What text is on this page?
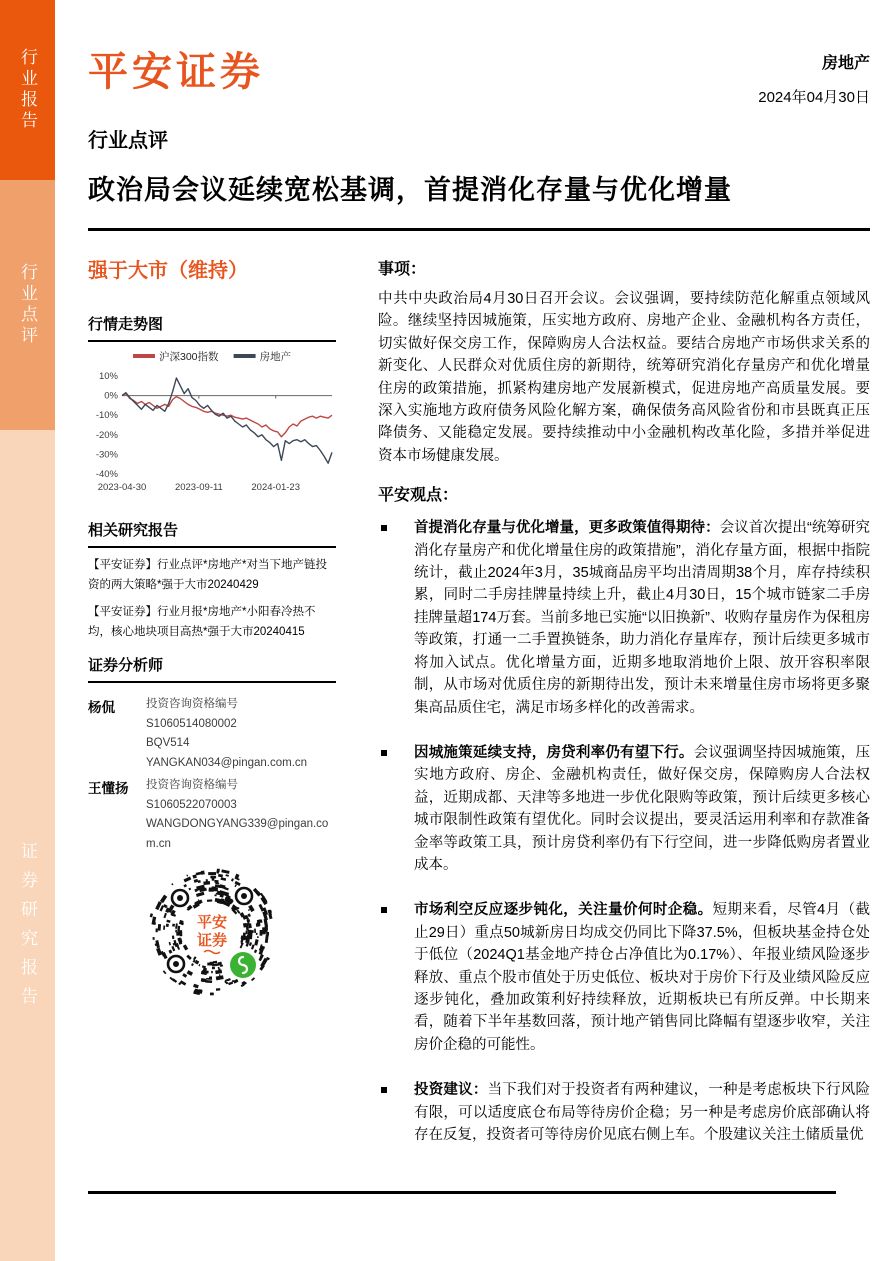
行业报告
行业点评
证券研究报告
平安证券	房地产
2024年04月30日
行业点评
政治局会议延续宽松基调，首提消化存量与优化增量
强于大市（维持）
行情走势图
10%
0%
-10%
-20%
-30%
-40%
2023-04-30	2023-09-11	2024-01-23
沪深300指数	房地产
相关研究报告
【平安证券】行业点评*房地产*对当下地产链投资的两大策略*强于大市20240429
【平安证券】行业月报*房地产*小阳春冷热不均，核心地块项目高热*强于大市20240415
证券分析师
杨侃	投资咨询资格编号
S1060514080002
BQV514
YANGKAN034@pingan.com.cn
王懂扬	投资咨询资格编号
S1060522070003
WANGDONGYANG339@pingan.com.cn
平安
证券
事项：
中共中央政治局4月30日召开会议。会议强调，要持续防范化解重点领域风险。继续坚持因城施策，压实地方政府、房地产企业、金融机构各方责任，切实做好保交房工作，保障购房人合法权益。要结合房地产市场供求关系的新变化、人民群众对优质住房的新期待，统筹研究消化存量房产和优化增量住房的政策措施，抓紧构建房地产发展新模式，促进房地产高质量发展。要深入实施地方政府债务风险化解方案，确保债务高风险省份和市县既真正压降债务、又能稳定发展。要持续推动中小金融机构改革化险，多措并举促进资本市场健康发展。
平安观点：
首提消化存量与优化增量，更多政策值得期待：会议首次提出“统筹研究消化存量房产和优化增量住房的政策措施”，消化存量方面，根据中指院统计，截止2024年3月，35城商品房平均出清周期38个月，库存持续积累，同时二手房挂牌量持续上升，截止4月30日，15个城市链家二手房挂牌量超174万套。当前多地已实施“以旧换新”、收购存量房作为保租房等政策，打通一二手置换链条，助力消化存量库存，预计后续更多城市将加入试点。优化增量方面，近期多地取消地价上限、放开容积率限制，从市场对优质住房的新期待出发，预计未来增量住房市场将更多聚集高品质住宅，满足市场多样化的改善需求。
因城施策延续支持，房贷利率仍有望下行。会议强调坚持因城施策，压实地方政府、房企、金融机构责任，做好保交房，保障购房人合法权益，近期成都、天津等多地进一步优化限购等政策，预计后续更多核心城市限制性政策有望优化。同时会议提出，要灵活运用利率和存款准备金率等政策工具，预计房贷利率仍有下行空间，进一步降低购房者置业成本。
市场利空反应逐步钝化，关注量价何时企稳。短期来看，尽管4月（截止29日）重点50城新房日均成交仍同比下降37.5%，但板块基金持仓处于低位（2024Q1基金地产持仓占净值比为0.17%）、年报业绩风险逐步释放、重点个股市值处于历史低位、板块对于房价下行及业绩风险反应逐步钝化，叠加政策利好持续释放，近期板块已有所反弹。中长期来看，随着下半年基数回落，预计地产销售同比降幅有望逐步收窄，关注房价企稳的可能性。
投资建议：当下我们对于投资者有两种建议，一种是考虑板块下行风险有限，可以适度底仓布局等待房价企稳；另一种是考虑房价底部确认将存在反复，投资者可等待房价见底右侧上车。个股建议关注土储质量优
